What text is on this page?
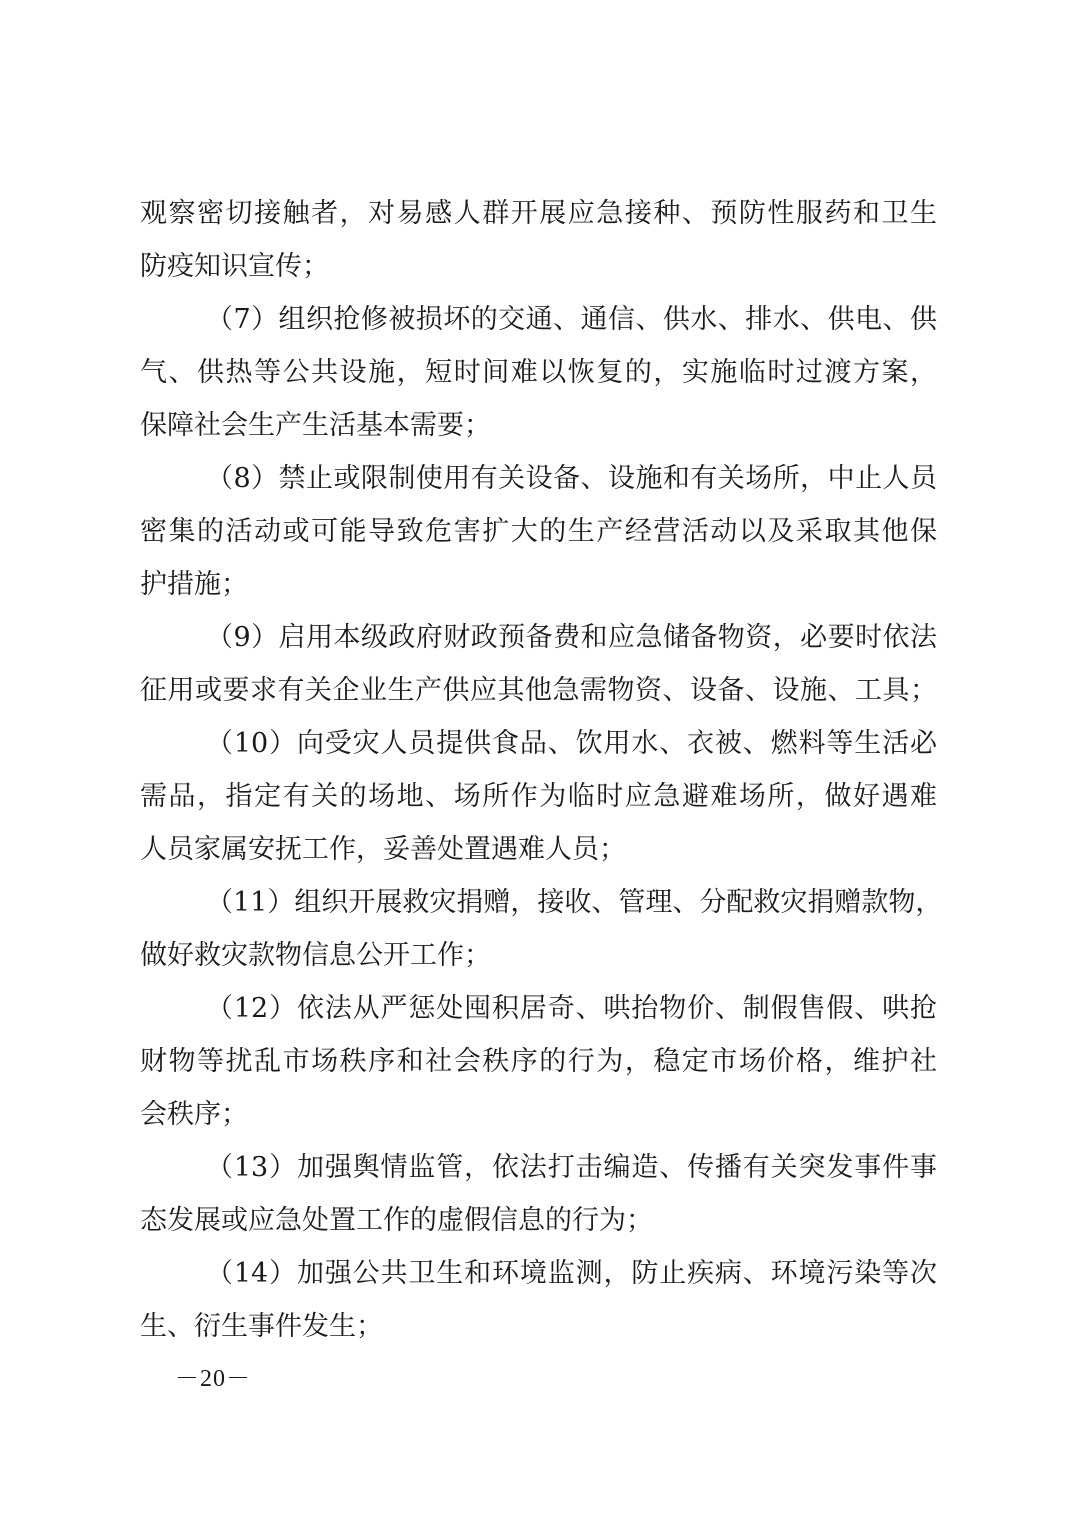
观察密切接触者，对易感人群开展应急接种、预防性服药和卫生
防疫知识宣传；
（7）组织抢修被损坏的交通、通信、供水、排水、供电、供
气、供热等公共设施，短时间难以恢复的，实施临时过渡方案，
保障社会生产生活基本需要；
（8）禁止或限制使用有关设备、设施和有关场所，中止人员
密集的活动或可能导致危害扩大的生产经营活动以及采取其他保
护措施；
（9）启用本级政府财政预备费和应急储备物资，必要时依法
征用或要求有关企业生产供应其他急需物资、设备、设施、工具；
（10）向受灾人员提供食品、饮用水、衣被、燃料等生活必
需品，指定有关的场地、场所作为临时应急避难场所，做好遇难
人员家属安抚工作，妥善处置遇难人员；
（11）组织开展救灾捐赠，接收、管理、分配救灾捐赠款物，
做好救灾款物信息公开工作；
（12）依法从严惩处囤积居奇、哄抬物价、制假售假、哄抢
财物等扰乱市场秩序和社会秩序的行为，稳定市场价格，维护社
会秩序；
（13）加强舆情监管，依法打击编造、传播有关突发事件事
态发展或应急处置工作的虚假信息的行为；
（14）加强公共卫生和环境监测，防止疾病、环境污染等次
生、衍生事件发生；
－20－
